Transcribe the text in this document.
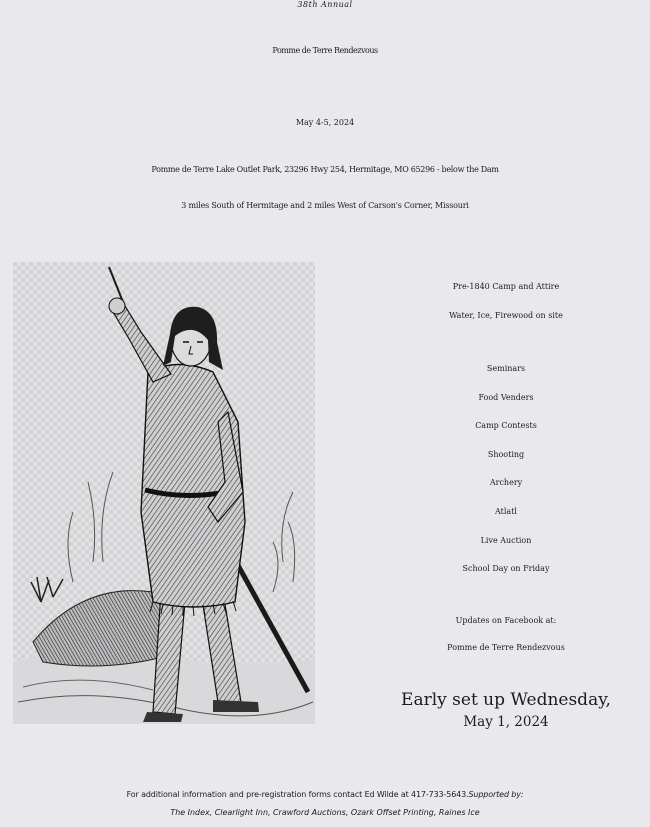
38th Annual
Pomme de Terre Rendezvous
May 4-5, 2024
Pomme de Terre Lake Outlet Park, 23296 Hwy 254, Hermitage, MO 65296 - below the Dam
3 miles South of Hermitage and 2 miles West of Carson's Corner, Missouri
Pre-1840 Camp and Attire
Water, Ice, Firewood on site
Seminars
Food Venders
Camp Contests
Shooting
Archery
Atlatl
Live Auction
School Day on Friday
Updates on Facebook at:
Pomme de Terre Rendezvous
Early set up Wednesday,
May 1, 2024
For additional information and pre-registration forms contact Ed Wilde at 417-733-5643.Supported by:
The Index, Clearlight Inn, Crawford Auctions, Ozark Offset Printing, Raines Ice
